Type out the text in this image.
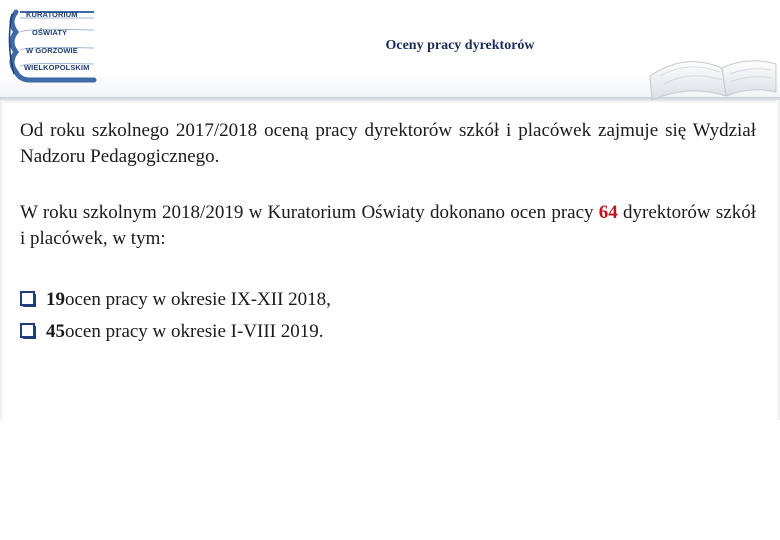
KURATORIUM
OŚWIATY
W GORZOWIE
WIELKOPOLSKIM
Oceny pracy dyrektorów

Od roku szkolnego 2017/2018 oceną pracy dyrektorów szkół i placówek zajmuje się Wydział Nadzoru Pedagogicznego.

W roku szkolnym 2018/2019 w Kuratorium Oświaty dokonano ocen pracy 64 dyrektorów szkół i placówek, w tym:

19 ocen pracy w okresie IX-XII 2018,
45 ocen pracy w okresie I-VIII 2019.
